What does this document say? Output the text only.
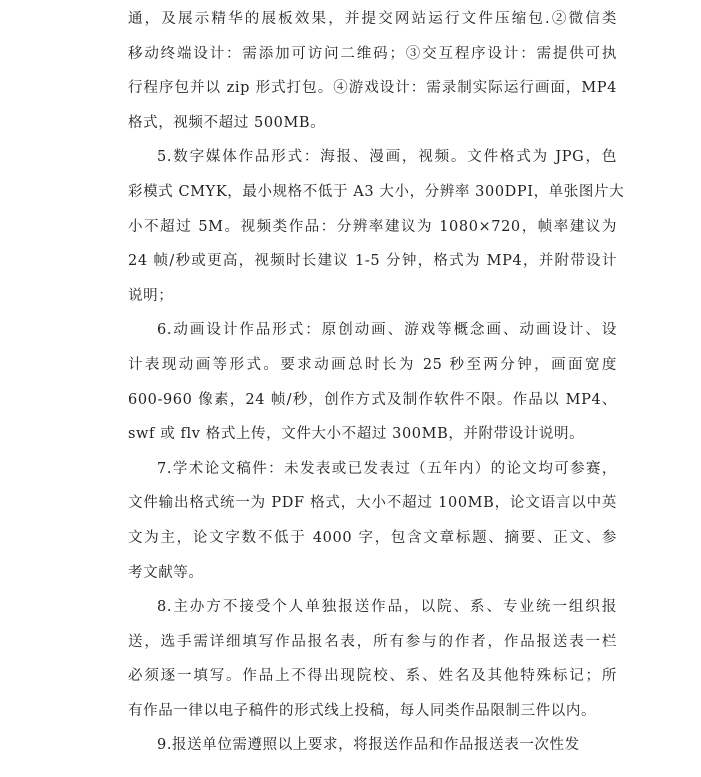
通，及展示精华的展板效果，并提交网站运行文件压缩包.②微信类
移动终端设计：需添加可访问二维码；③交互程序设计：需提供可执
行程序包并以 zip 形式打包。④游戏设计：需录制实际运行画面，MP4
格式，视频不超过 500MB。
5.数字媒体作品形式：海报、漫画，视频。文件格式为 JPG，色
彩模式 CMYK，最小规格不低于 A3 大小，分辨率 300DPI，单张图片大
小不超过 5M。视频类作品：分辨率建议为 1080×720，帧率建议为
24 帧/秒或更高，视频时长建议 1-5 分钟，格式为 MP4，并附带设计
说明；
6.动画设计作品形式：原创动画、游戏等概念画、动画设计、设
计表现动画等形式。要求动画总时长为 25 秒至两分钟，画面宽度
600-960 像素，24 帧/秒，创作方式及制作软件不限。作品以 MP4、
swf 或 flv 格式上传，文件大小不超过 300MB，并附带设计说明。
7.学术论文稿件：未发表或已发表过（五年内）的论文均可参赛，
文件输出格式统一为 PDF 格式，大小不超过 100MB，论文语言以中英
文为主，论文字数不低于 4000 字，包含文章标题、摘要、正文、参
考文献等。
8.主办方不接受个人单独报送作品，以院、系、专业统一组织报
送，选手需详细填写作品报名表，所有参与的作者，作品报送表一栏
必须逐一填写。作品上不得出现院校、系、姓名及其他特殊标记；所
有作品一律以电子稿件的形式线上投稿，每人同类作品限制三件以内。
9.报送单位需遵照以上要求，将报送作品和作品报送表一次性发
